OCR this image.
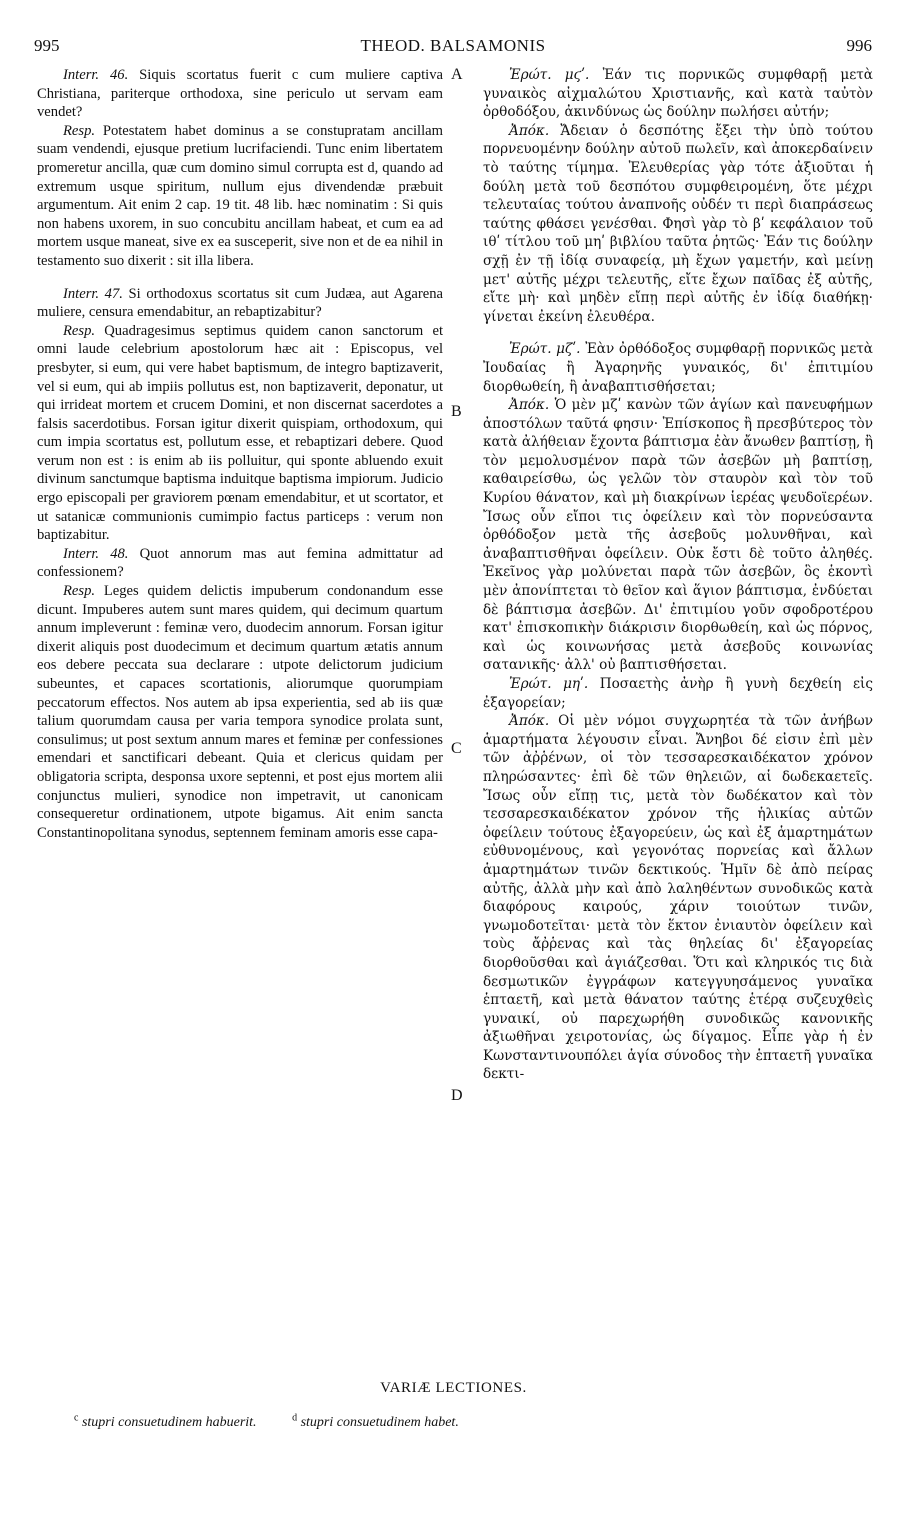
995	THEOD. BALSAMONIS	996

Interr. 46. Siquis scortatus fuerit c cum muliere captiva Christiana, pariterque orthodoxa, sine periculo ut servam eam vendet?

Resp. Potestatem habet dominus a se constupratam ancillam suam vendendi, ejusque pretium lucrifaciendi. Tunc enim libertatem promeretur ancilla, quæ cum domino simul corrupta est d, quando ad extremum usque spiritum, nullum ejus divendendæ præbuit argumentum. Ait enim 2 cap. 19 tit. 48 lib. hæc nominatim : Si quis non habens uxorem, in suo concubitu ancillam habeat, et cum ea ad mortem usque maneat, sive ex ea susceperit, sive non et de ea nihil in testamento suo dixerit : sit illa libera.

Interr. 47. Si orthodoxus scortatus sit cum Judæa, aut Agarena muliere, censura emendabitur, an rebaptizabitur?

Resp. Quadragesimus septimus quidem canon sanctorum et omni laude celebrium apostolorum hæc ait : Episcopus, vel presbyter, si eum, qui vere habet baptismum, de integro baptizaverit, vel si eum, qui ab impiis pollutus est, non baptizaverit, deponatur, ut qui irrideat mortem et crucem Domini, et non discernat sacerdotes a falsis sacerdotibus. Forsan igitur dixerit quispiam, orthodoxum, qui cum impia scortatus est, pollutum esse, et rebaptizari debere. Quod verum non est : is enim ab iis polluitur, qui sponte abluendo exuit divinum sanctumque baptisma induitque baptisma impiorum. Judicio ergo episcopali per graviorem pœnam emendabitur, et ut scortator, et ut satanicæ communionis cumimpio factus particeps : verum non baptizabitur.

Interr. 48. Quot annorum mas aut femina admittatur ad confessionem?

Resp. Leges quidem delictis impuberum condonandum esse dicunt. Impuberes autem sunt mares quidem, qui decimum quartum annum impleverunt : feminæ vero, duodecim annorum. Forsan igitur dixerit aliquis post duodecimum et decimum quartum ætatis annum eos debere peccata sua declarare : utpote delictorum judicium subeuntes, et capaces scortationis, aliorumque quorumpiam peccatorum effectos. Nos autem ab ipsa experientia, sed ab iis quæ talium quorumdam causa per varia tempora synodice prolata sunt, consulimus; ut post sextum annum mares et feminæ per confessiones emendari et sanctificari debeant. Quia et clericus quidam per obligatoria scripta, desponsa uxore septenni, et post ejus mortem alii conjunctus mulieri, synodice non impetravit, ut canonicam consequeretur ordinationem, utpote bigamus. Ait enim sancta Constantinopolitana synodus, septennem feminam amoris esse capa-

A
B
C
D

Ἐρώτ. μϛʹ. Ἐάν τις πορνικῶς συμφθαρῇ μετὰ γυναικὸς αἰχμαλώτου Χριστιανῆς, καὶ κατὰ ταὐτὸν ὀρθοδόξου, ἀκινδύνως ὡς δούλην πωλήσει αὐτήν;

Ἀπόκ. Ἄδειαν ὁ δεσπότης ἔξει τὴν ὑπὸ τούτου πορνευομένην δούλην αὐτοῦ πωλεῖν, καὶ ἀποκερδαίνειν τὸ ταύτης τίμημα. Ἐλευθερίας γὰρ τότε ἀξιοῦται ἡ δούλη μετὰ τοῦ δεσπότου συμφθειρομένη, ὅτε μέχρι τελευταίας τούτου ἀναπνοῆς οὐδέν τι περὶ διαπράσεως ταύτης φθάσει γενέσθαι. Φησὶ γὰρ τὸ βʹ κεφάλαιον τοῦ ιθʹ τίτλου τοῦ μηʹ βιβλίου ταῦτα ῥητῶς· Ἐάν τις δούλην σχῇ ἐν τῇ ἰδίᾳ συναφείᾳ, μὴ ἔχων γαμετήν, καὶ μείνῃ μετ' αὐτῆς μέχρι τελευτῆς, εἴτε ἔχων παῖδας ἐξ αὐτῆς, εἴτε μὴ· καὶ μηδὲν εἴπῃ περὶ αὐτῆς ἐν ἰδίᾳ διαθήκῃ· γίνεται ἐκείνη ἐλευθέρα.

Ἐρώτ. μζʹ. Ἐὰν ὀρθόδοξος συμφθαρῇ πορνικῶς μετὰ Ἰουδαίας ἢ Ἀγαρηνῆς γυναικός, δι' ἐπιτιμίου διορθωθείη, ἢ ἀναβαπτισθήσεται;

Ἀπόκ. Ὁ μὲν μζʹ κανὼν τῶν ἁγίων καὶ πανευφήμων ἀποστόλων ταῦτά φησιν· Ἐπίσκοπος ἢ πρεσβύτερος τὸν κατὰ ἀλήθειαν ἔχοντα βάπτισμα ἐὰν ἄνωθεν βαπτίσῃ, ἢ τὸν μεμολυσμένον παρὰ τῶν ἀσεβῶν μὴ βαπτίσῃ, καθαιρείσθω, ὡς γελῶν τὸν σταυρὸν καὶ τὸν τοῦ Κυρίου θάνατον, καὶ μὴ διακρίνων ἱερέας ψευδοϊερέων. Ἴσως οὖν εἴποι τις ὀφείλειν καὶ τὸν πορνεύσαντα ὀρθόδοξον μετὰ τῆς ἀσεβοῦς μολυνθῆναι, καὶ ἀναβαπτισθῆναι ὀφείλειν. Οὐκ ἔστι δὲ τοῦτο ἀληθές. Ἐκεῖνος γὰρ μολύνεται παρὰ τῶν ἀσεβῶν, ὃς ἑκοντὶ μὲν ἀπονίπτεται τὸ θεῖον καὶ ἅγιον βάπτισμα, ἐνδύεται δὲ βάπτισμα ἀσεβῶν. Δι' ἐπιτιμίου γοῦν σφοδροτέρου κατ' ἐπισκοπικὴν διάκρισιν διορθωθείη, καὶ ὡς πόρνος, καὶ ὡς κοινωνήσας μετὰ ἀσεβοῦς κοινωνίας σατανικῆς· ἀλλ' οὐ βαπτισθήσεται.

Ἐρώτ. μηʹ. Ποσαετὴς ἀνὴρ ἢ γυνὴ δεχθείη εἰς ἐξαγορείαν;

Ἀπόκ. Οἱ μὲν νόμοι συγχωρητέα τὰ τῶν ἀνήβων ἁμαρτήματα λέγουσιν εἶναι. Ἄνηβοι δέ εἰσιν ἐπὶ μὲν τῶν ἀῤῥένων, οἱ τὸν τεσσαρεσκαιδέκατον χρόνον πληρώσαντες· ἐπὶ δὲ τῶν θηλειῶν, αἱ δωδεκαετεῖς. Ἴσως οὖν εἴπῃ τις, μετὰ τὸν δωδέκατον καὶ τὸν τεσσαρεσκαιδέκατον χρόνον τῆς ἡλικίας αὐτῶν ὀφείλειν τούτους ἐξαγορεύειν, ὡς καὶ ἐξ ἁμαρτημάτων εὐθυνομένους, καὶ γεγονότας πορνείας καὶ ἄλλων ἁμαρτημάτων τινῶν δεκτικούς. Ἡμῖν δὲ ἀπὸ πείρας αὐτῆς, ἀλλὰ μὴν καὶ ἀπὸ λαληθέντων συνοδικῶς κατὰ διαφόρους καιρούς, χάριν τοιούτων τινῶν, γνωμοδοτεῖται· μετὰ τὸν ἕκτον ἐνιαυτὸν ὀφείλειν καὶ τοὺς ἄῤῥενας καὶ τὰς θηλείας δι' ἐξαγορείας διορθοῦσθαι καὶ ἁγιάζεσθαι. Ὅτι καὶ κληρικός τις διὰ δεσμωτικῶν ἐγγράφων κατεγγυησάμενος γυναῖκα ἑπταετῆ, καὶ μετὰ θάνατον ταύτης ἑτέρᾳ συζευχθεὶς γυναικί, οὐ παρεχωρήθη συνοδικῶς κανονικῆς ἀξιωθῆναι χειροτονίας, ὡς δίγαμος. Εἶπε γὰρ ἡ ἐν Κωνσταντινουπόλει ἁγία σύνοδος τὴν ἑπταετῆ γυναῖκα δεκτι-

VARIÆ LECTIONES.
$^c$ stupri consuetudinem habuerit.	$^d$ stupri consuetudinem habet.
